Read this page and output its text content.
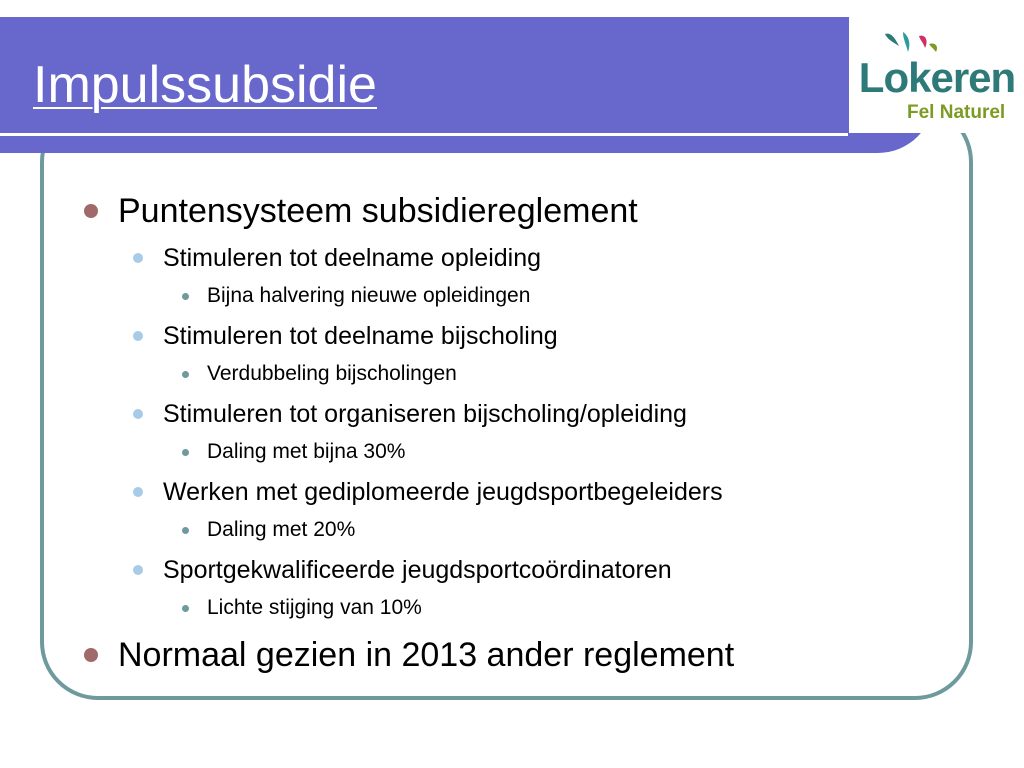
Impulssubsidie	Lokeren
Fel Naturel
Puntensysteem subsidiereglement
Stimuleren tot deelname opleiding
Bijna halvering nieuwe opleidingen
Stimuleren tot deelname bijscholing
Verdubbeling bijscholingen
Stimuleren tot organiseren bijscholing/opleiding
Daling met bijna 30%
Werken met gediplomeerde jeugdsportbegeleiders
Daling met 20%
Sportgekwalificeerde jeugdsportcoördinatoren
Lichte stijging van 10%
Normaal gezien in 2013 ander reglement
